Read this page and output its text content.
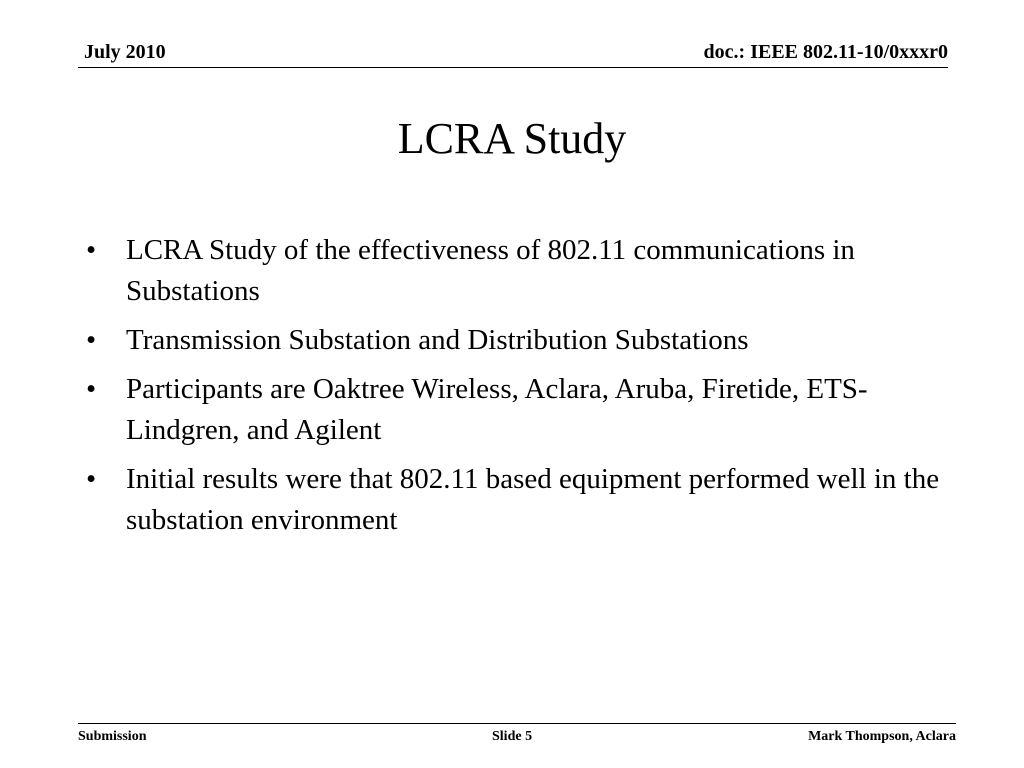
July 2010	doc.: IEEE 802.11-10/0xxxr0
LCRA Study
•	LCRA Study of the effectiveness of 802.11 communications in Substations
•	Transmission Substation and Distribution Substations
•	Participants are Oaktree Wireless, Aclara, Aruba, Firetide, ETS-Lindgren, and Agilent
•	Initial results were that 802.11 based equipment performed well in the substation environment
Submission	Slide 5	Mark Thompson, Aclara
